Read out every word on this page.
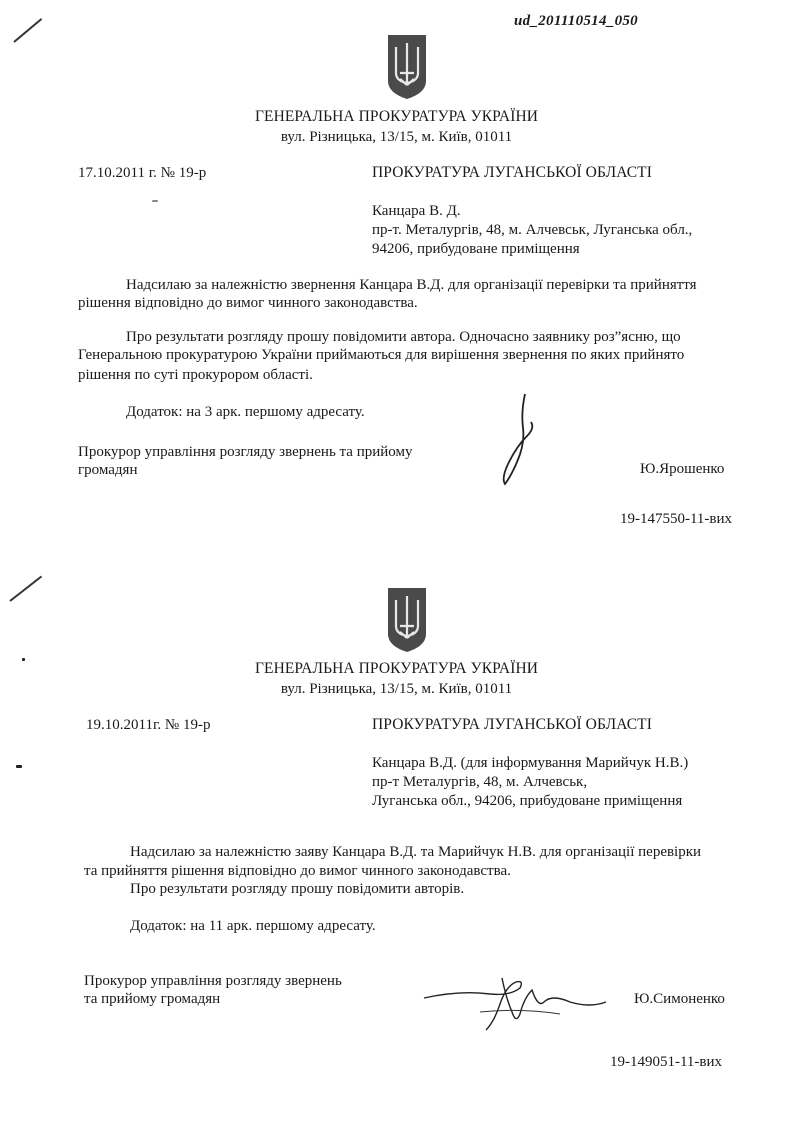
ud_201110514_050
ГЕНЕРАЛЬНА ПРОКУРАТУРА УКРАЇНИ
вул. Різницька, 13/15, м. Київ, 01011
17.10.2011 г. № 19-р	ПРОКУРАТУРА ЛУГАНСЬКОЇ ОБЛАСТІ
Канцара В. Д.
пр-т. Металургів, 48, м. Алчевськ, Луганська обл.,
94206, прибудоване приміщення
Надсилаю за належністю звернення Канцара В.Д. для організації перевірки та прийняття
рішення відповідно до вимог чинного законодавства.
Про результати розгляду прошу повідомити автора. Одночасно заявнику роз”ясню, що
Генеральною прокуратурою України приймаються для вирішення звернення по яких прийнято
рішення по суті прокурором області.
Додаток: на 3 арк. першому адресату.
Прокурор управління розгляду звернень та прийому
громадян	Ю.Ярошенко
19-147550-11-вих
ГЕНЕРАЛЬНА ПРОКУРАТУРА УКРАЇНИ
вул. Різницька, 13/15, м. Київ, 01011
19.10.2011г. № 19-р	ПРОКУРАТУРА ЛУГАНСЬКОЇ ОБЛАСТІ
Канцара В.Д. (для інформування Марийчук Н.В.)
пр-т Металургів, 48, м. Алчевськ,
Луганська обл., 94206, прибудоване приміщення
Надсилаю за належністю заяву Канцара В.Д. та Марийчук Н.В. для організації перевірки
та прийняття рішення відповідно до вимог чинного законодавства.
Про результати розгляду прошу повідомити авторів.
Додаток: на 11 арк. першому адресату.
Прокурор управління розгляду звернень
та прийому громадян	Ю.Симоненко
19-149051-11-вих
